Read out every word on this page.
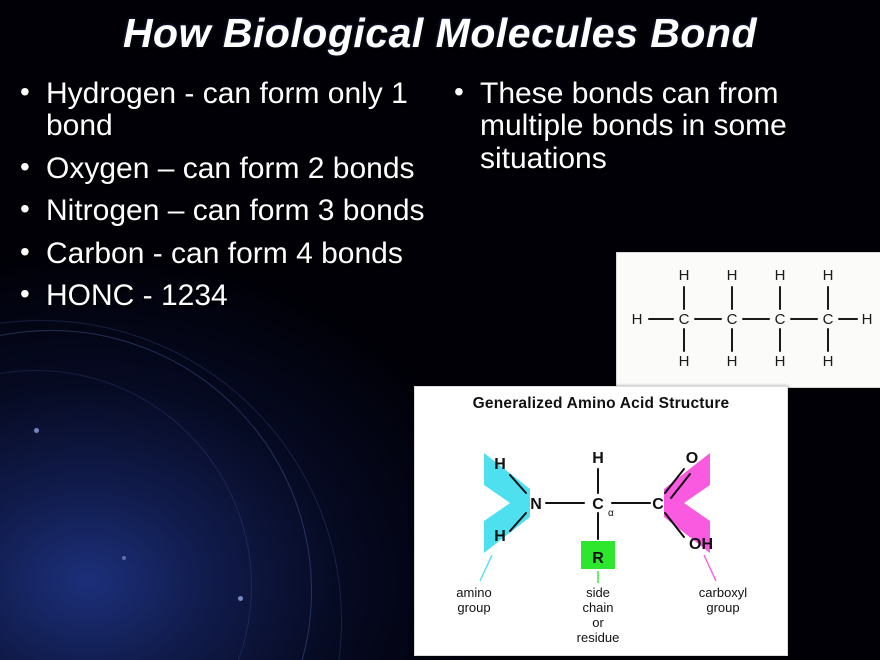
How Biological Molecules Bond
• Hydrogen - can form only 1 bond
• Oxygen – can form 2 bonds
• Nitrogen – can form 3 bonds
• Carbon - can form 4 bonds
• HONC - 1234
• These bonds can from multiple bonds in some situations
H C C C C H
H H H H
H H H H
Generalized Amino Acid Structure
N	C	C
H	O
OH
H
H
R
α
amino
group
side
chain
or
residue
carboxyl
group
